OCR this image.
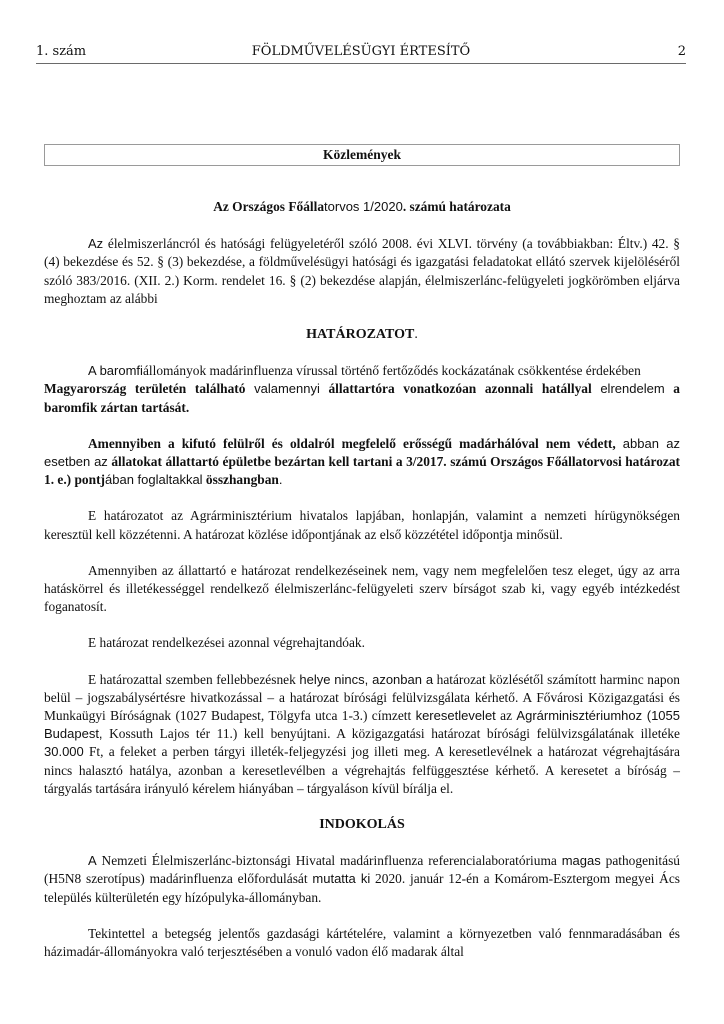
1. szám	FÖLDMŰVELÉSÜGYI ÉRTESÍTŐ	2
Közlemények

Az Országos Főállatorvos 1/2020. számú határozata

Az élelmiszerláncról és hatósági felügyeletéről szóló 2008. évi XLVI. törvény (a továbbiakban: Éltv.) 42. § (4) bekezdése és 52. § (3) bekezdése, a földművelésügyi hatósági és igazgatási feladatokat ellátó szervek kijelöléséről szóló 383/2016. (XII. 2.) Korm. rendelet 16. § (2) bekezdése alapján, élelmiszerlánc-felügyeleti jogkörömben eljárva meghoztam az alábbi

HATÁROZATOT.

A baromfiállományok madárinfluenza vírussal történő fertőződés kockázatának csökkentése érdekében

Magyarország területén található valamennyi állattartóra vonatkozóan azonnali hatállyal elrendelem a baromfik zártan tartását.

Amennyiben a kifutó felülről és oldalról megfelelő erősségű madárhálóval nem védett, abban az esetben az állatokat állattartó épületbe bezártan kell tartani a 3/2017. számú Országos Főállatorvosi határozat 1. e.) pontjában foglaltakkal összhangban.

E határozatot az Agrárminisztérium hivatalos lapjában, honlapján, valamint a nemzeti hírügynökségen keresztül kell közzétenni. A határozat közlése időpontjának az első közzététel időpontja minősül.

Amennyiben az állattartó e határozat rendelkezéseinek nem, vagy nem megfelelően tesz eleget, úgy az arra hatáskörrel és illetékességgel rendelkező élelmiszerlánc-felügyeleti szerv bírságot szab ki, vagy egyéb intézkedést foganatosít.

E határozat rendelkezései azonnal végrehajtandóak.

E határozattal szemben fellebbezésnek helye nincs, azonban a határozat közlésétől számított harminc napon belül – jogszabálysértésre hivatkozással – a határozat bírósági felülvizsgálata kérhető. A Fővárosi Közigazgatási és Munkaügyi Bíróságnak (1027 Budapest, Tölgyfa utca 1-3.) címzett keresetlevelet az Agrárminisztériumhoz (1055 Budapest, Kossuth Lajos tér 11.) kell benyújtani. A közigazgatási határozat bírósági felülvizsgálatának illetéke 30.000 Ft, a feleket a perben tárgyi illeték-feljegyzési jog illeti meg. A keresetlevélnek a határozat végrehajtására nincs halasztó hatálya, azonban a keresetlevélben a végrehajtás felfüggesztése kérhető. A keresetet a bíróság – tárgyalás tartására irányuló kérelem hiányában – tárgyaláson kívül bírálja el.

INDOKOLÁS

A Nemzeti Élelmiszerlánc-biztonsági Hivatal madárinfluenza referencialaboratóriuma magas pathogenitású (H5N8 szerotípus) madárinfluenza előfordulását mutatta ki 2020. január 12-én a Komárom-Esztergom megyei Ács település külterületén egy hízópulyka-állományban.

Tekintettel a betegség jelentős gazdasági kártételére, valamint a környezetben való fennmaradásában és házimadár-állományokra való terjesztésében a vonuló vadon élő madarak által
